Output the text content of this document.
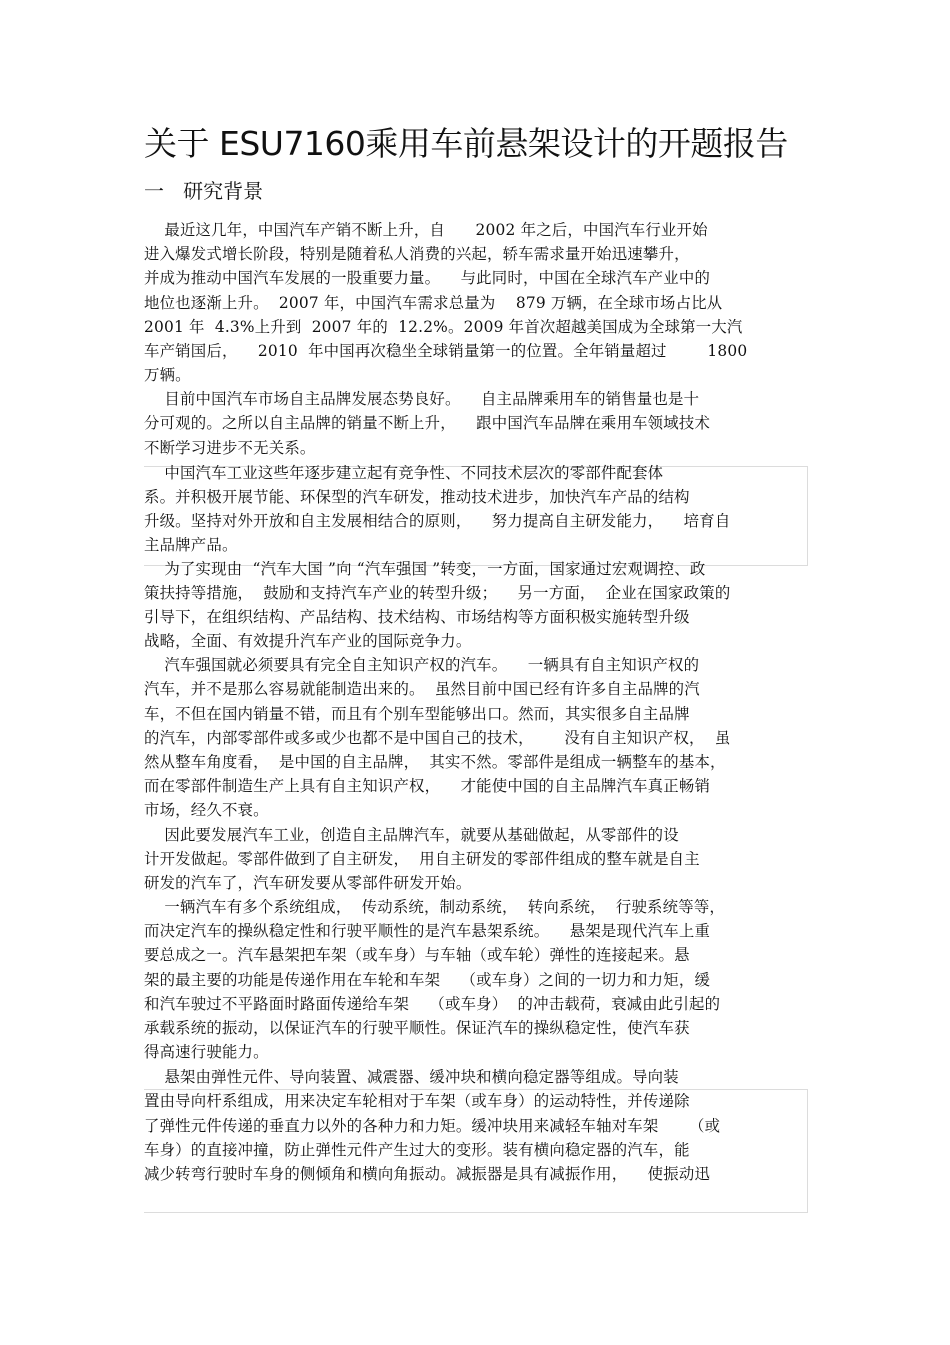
关于 ESU7160乘用车前悬架设计的开题报告
一   研究背景
最近这几年，中国汽车产销不断上升，自      2002 年之后，中国汽车行业开始
进入爆发式增长阶段，特别是随着私人消费的兴起，轿车需求量开始迅速攀升，
并成为推动中国汽车发展的一股重要力量。    与此同时，中国在全球汽车产业中的
地位也逐渐上升。  2007 年，中国汽车需求总量为    879 万辆，在全球市场占比从
2001 年  4.3%上升到  2007 年的  12.2%。2009 年首次超越美国成为全球第一大汽
车产销国后，    2010  年中国再次稳坐全球销量第一的位置。全年销量超过        1800
万辆。
目前中国汽车市场自主品牌发展态势良好。    自主品牌乘用车的销售量也是十
分可观的。之所以自主品牌的销量不断上升，    跟中国汽车品牌在乘用车领域技术
不断学习进步不无关系。
中国汽车工业这些年逐步建立起有竞争性、不同技术层次的零部件配套体
系。并积极开展节能、环保型的汽车研发，推动技术进步，加快汽车产品的结构
升级。坚持对外开放和自主发展相结合的原则，    努力提高自主研发能力，    培育自
主品牌产品。
为了实现由  “汽车大国 ”向 “汽车强国 ”转变，一方面，国家通过宏观调控、政
策扶持等措施，  鼓励和支持汽车产业的转型升级；    另一方面，  企业在国家政策的
引导下，在组织结构、产品结构、技术结构、市场结构等方面积极实施转型升级
战略，全面、有效提升汽车产业的国际竞争力。
汽车强国就必须要具有完全自主知识产权的汽车。    一辆具有自主知识产权的
汽车，并不是那么容易就能制造出来的。  虽然目前中国已经有许多自主品牌的汽
车，不但在国内销量不错，而且有个别车型能够出口。然而，其实很多自主品牌
的汽车，内部零部件或多或少也都不是中国自己的技术，      没有自主知识产权，  虽
然从整车角度看，  是中国的自主品牌，  其实不然。零部件是组成一辆整车的基本，
而在零部件制造生产上具有自主知识产权，    才能使中国的自主品牌汽车真正畅销
市场，经久不衰。
因此要发展汽车工业，创造自主品牌汽车，就要从基础做起，从零部件的设
计开发做起。零部件做到了自主研发，  用自主研发的零部件组成的整车就是自主
研发的汽车了，汽车研发要从零部件研发开始。
一辆汽车有多个系统组成，  传动系统，制动系统，  转向系统，  行驶系统等等，
而决定汽车的操纵稳定性和行驶平顺性的是汽车悬架系统。    悬架是现代汽车上重
要总成之一。汽车悬架把车架（或车身）与车轴（或车轮）弹性的连接起来。悬
架的最主要的功能是传递作用在车轮和车架    （或车身）之间的一切力和力矩，缓
和汽车驶过不平路面时路面传递给车架    （或车身）  的冲击载荷，衰减由此引起的
承载系统的振动，以保证汽车的行驶平顺性。保证汽车的操纵稳定性，使汽车获
得高速行驶能力。
悬架由弹性元件、导向装置、减震器、缓冲块和横向稳定器等组成。导向装
置由导向杆系组成，用来决定车轮相对于车架（或车身）的运动特性，并传递除
了弹性元件传递的垂直力以外的各种力和力矩。缓冲块用来减轻车轴对车架      （或
车身）的直接冲撞，防止弹性元件产生过大的变形。装有横向稳定器的汽车，能
减少转弯行驶时车身的侧倾角和横向角振动。减振器是具有减振作用，    使振动迅
